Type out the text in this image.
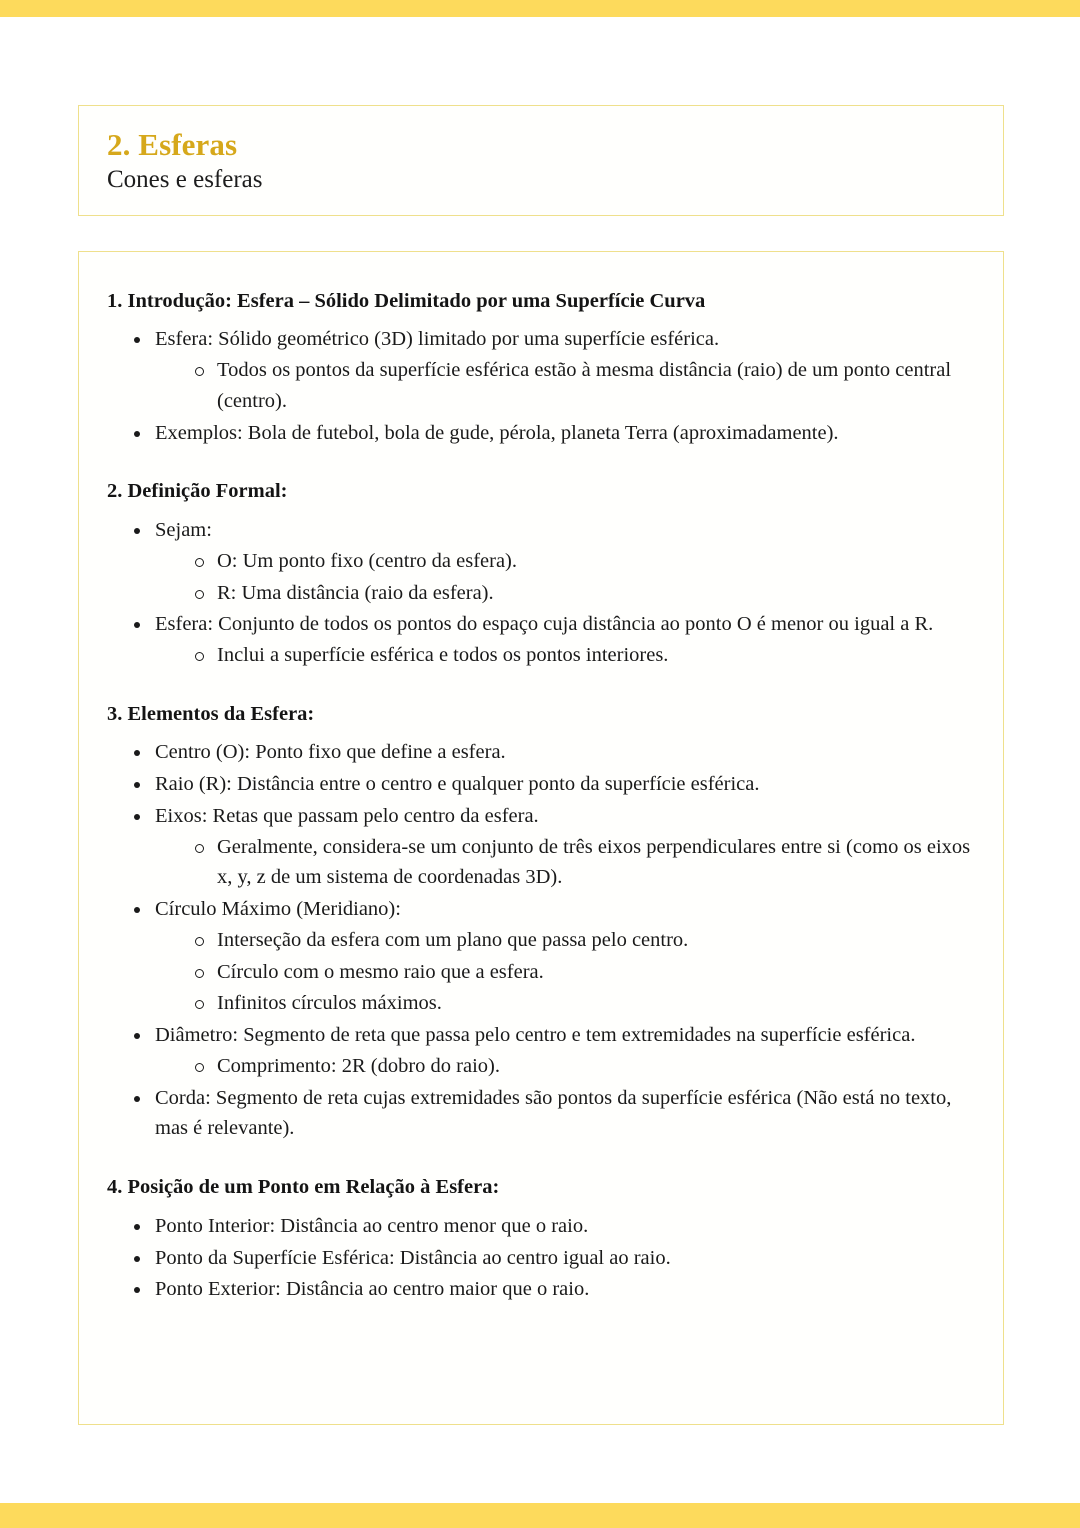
2. Esferas

Cones e esferas

1. Introdução: Esfera – Sólido Delimitado por uma Superfície Curva
Esfera: Sólido geométrico (3D) limitado por uma superfície esférica.
Todos os pontos da superfície esférica estão à mesma distância (raio) de um ponto central (centro).
Exemplos: Bola de futebol, bola de gude, pérola, planeta Terra (aproximadamente).
2. Definição Formal:
Sejam:
O: Um ponto fixo (centro da esfera).
R: Uma distância (raio da esfera).
Esfera: Conjunto de todos os pontos do espaço cuja distância ao ponto O é menor ou igual a R.
Inclui a superfície esférica e todos os pontos interiores.
3. Elementos da Esfera:
Centro (O): Ponto fixo que define a esfera.
Raio (R): Distância entre o centro e qualquer ponto da superfície esférica.
Eixos: Retas que passam pelo centro da esfera.
Geralmente, considera-se um conjunto de três eixos perpendiculares entre si (como os eixos x, y, z de um sistema de coordenadas 3D).
Círculo Máximo (Meridiano):
Interseção da esfera com um plano que passa pelo centro.
Círculo com o mesmo raio que a esfera.
Infinitos círculos máximos.
Diâmetro: Segmento de reta que passa pelo centro e tem extremidades na superfície esférica.
Comprimento: 2R (dobro do raio).
Corda: Segmento de reta cujas extremidades são pontos da superfície esférica (Não está no texto, mas é relevante).
4. Posição de um Ponto em Relação à Esfera:
Ponto Interior: Distância ao centro menor que o raio.
Ponto da Superfície Esférica: Distância ao centro igual ao raio.
Ponto Exterior: Distância ao centro maior que o raio.
